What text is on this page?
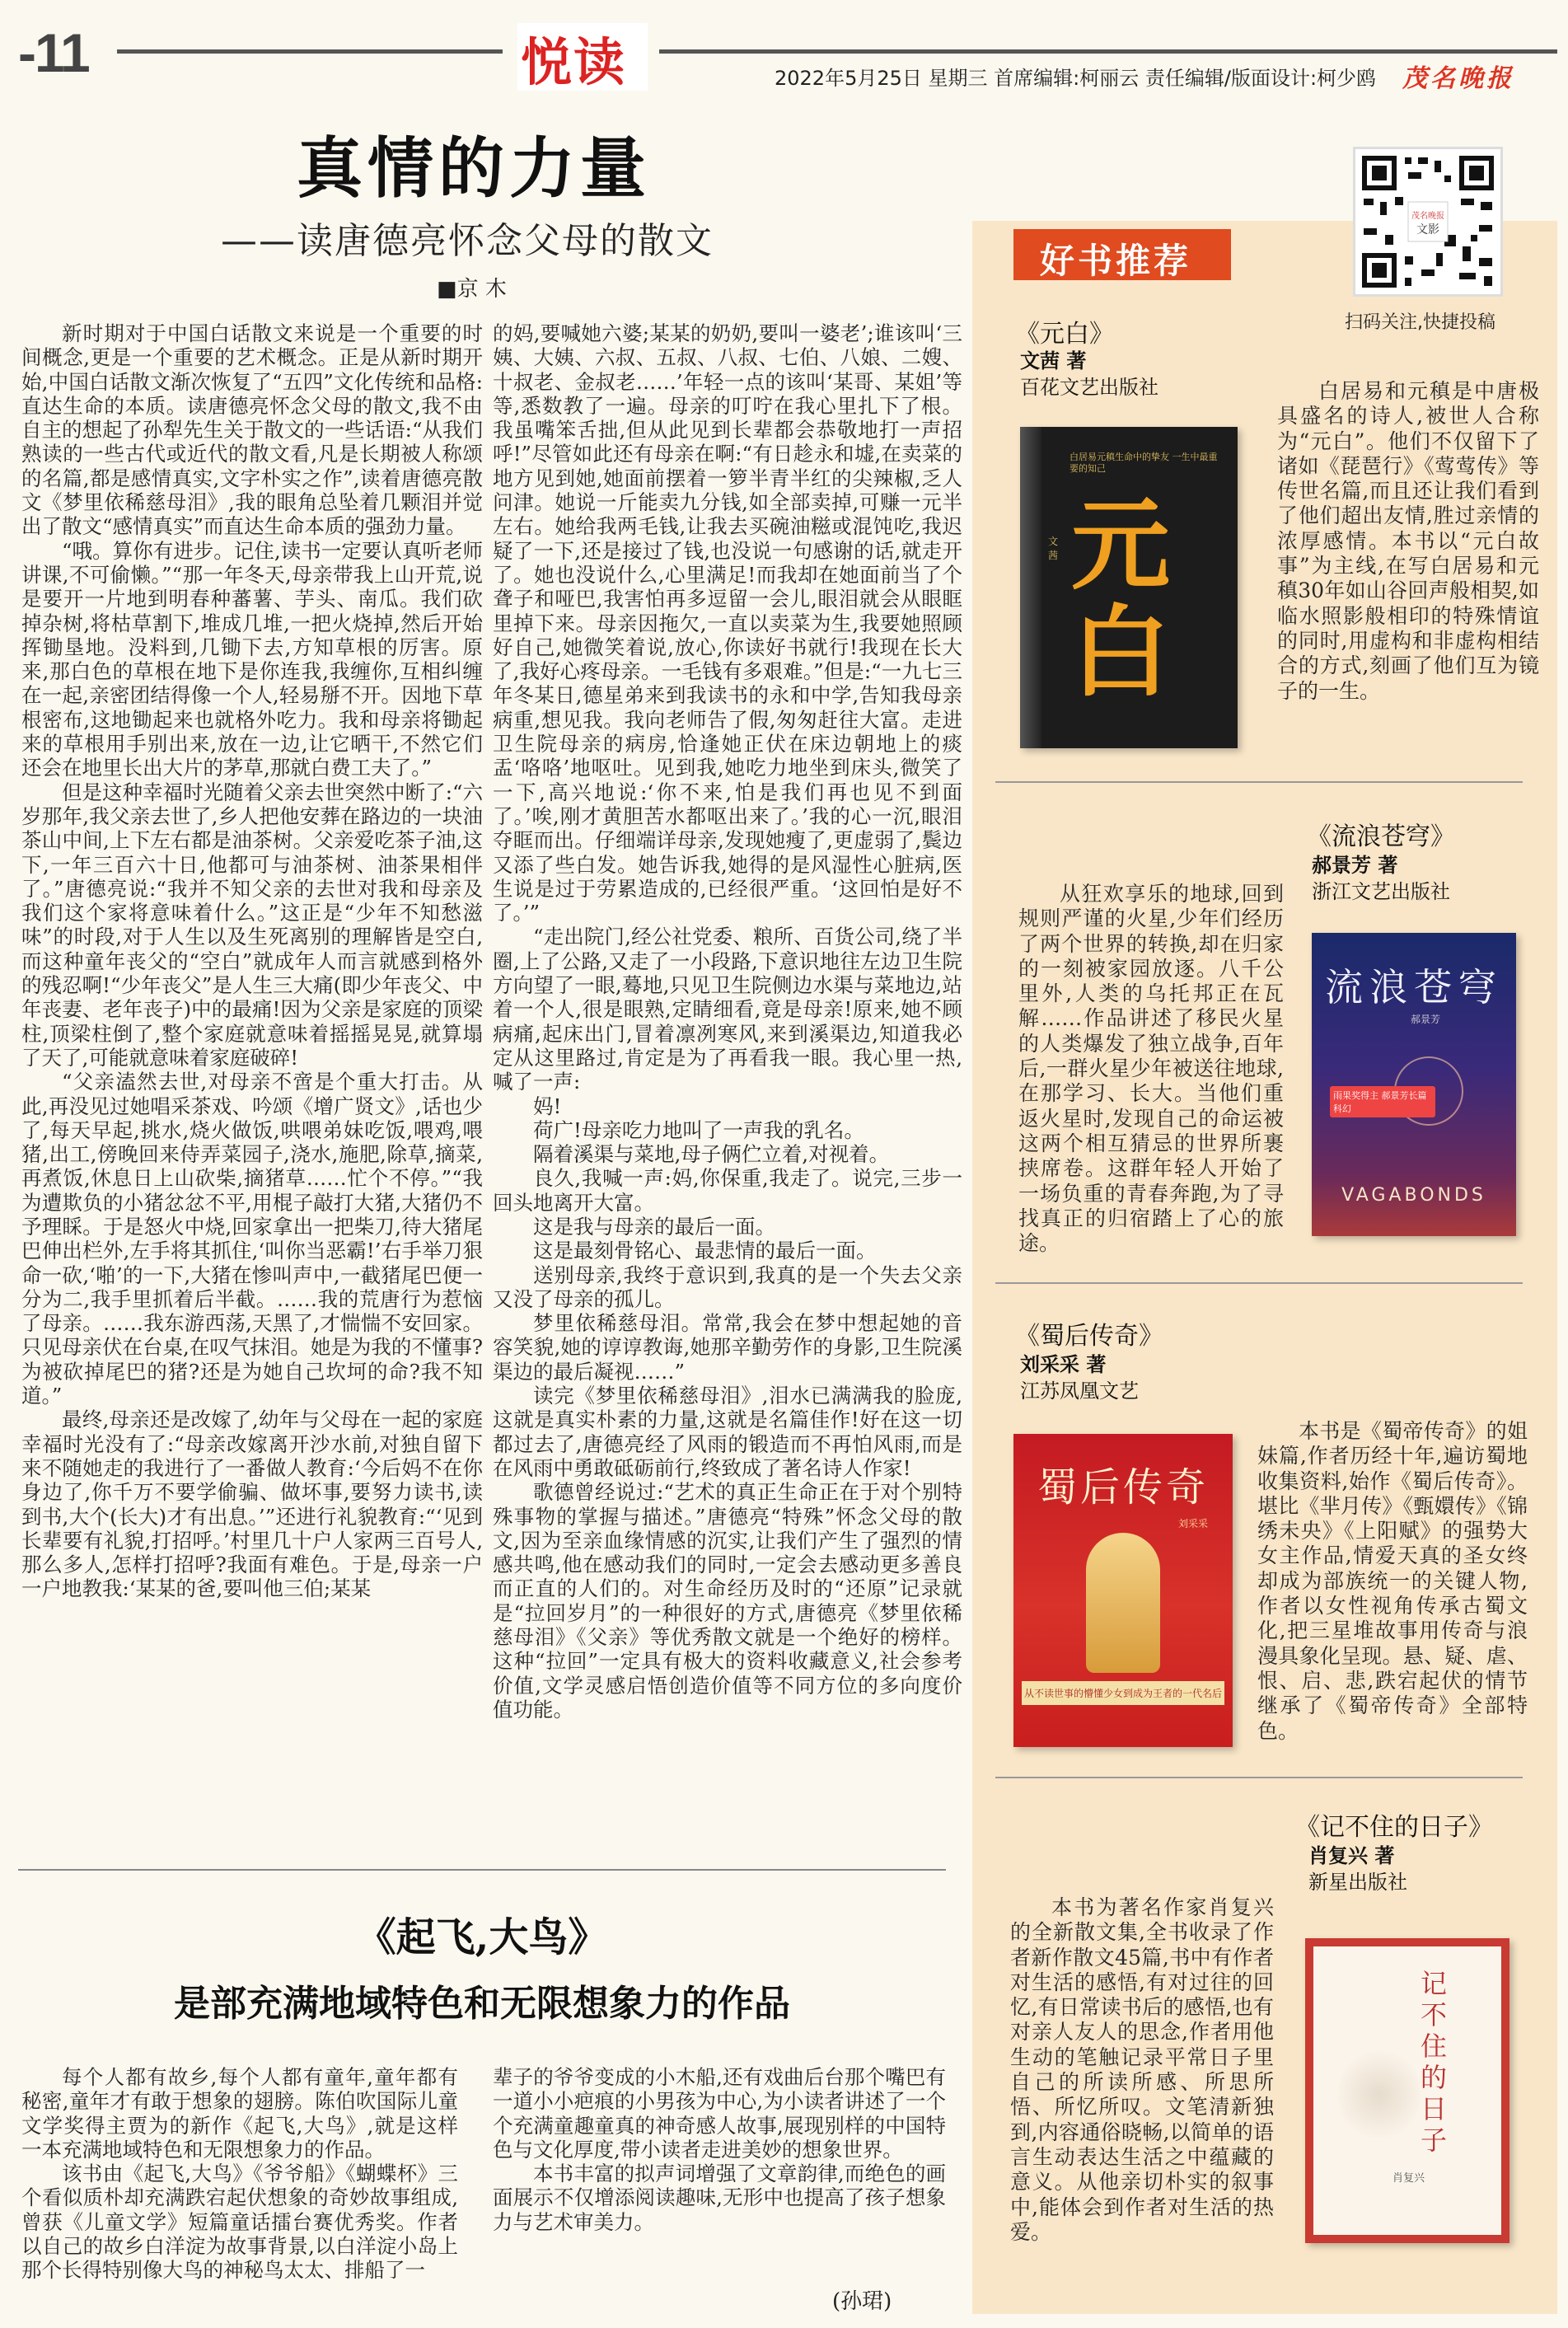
-11	悦读	2022年5月25日 星期三 首席编辑:柯丽云 责任编辑/版面设计:柯少鸥 茂名晚报
真情的力量
——读唐德亮怀念父母的散文
■京 木

新时期对于中国白话散文来说是一个重要的时间概念,更是一个重要的艺术概念。正是从新时期开始,中国白话散文渐次恢复了“五四”文化传统和品格:直达生命的本质。读唐德亮怀念父母的散文,我不由自主的想起了孙犁先生关于散文的一些话语:“从我们熟读的一些古代或近代的散文看,凡是长期被人称颂的名篇,都是感情真实,文字朴实之作”,读着唐德亮散文《梦里依稀慈母泪》,我的眼角总坠着几颗泪并觉出了散文“感情真实”而直达生命本质的强劲力量。

“哦。算你有进步。记住,读书一定要认真听老师讲课,不可偷懒。”“那一年冬天,母亲带我上山开荒,说是要开一片地到明春种蕃薯、芋头、南瓜。我们砍掉杂树,将枯草割下,堆成几堆,一把火烧掉,然后开始挥锄垦地。没料到,几锄下去,方知草根的厉害。原来,那白色的草根在地下是你连我,我缠你,互相纠缠在一起,亲密团结得像一个人,轻易掰不开。因地下草根密布,这地锄起来也就格外吃力。我和母亲将锄起来的草根用手别出来,放在一边,让它晒干,不然它们还会在地里长出大片的茅草,那就白费工夫了。”

但是这种幸福时光随着父亲去世突然中断了:“六岁那年,我父亲去世了,乡人把他安葬在路边的一块油茶山中间,上下左右都是油茶树。父亲爱吃茶子油,这下,一年三百六十日,他都可与油茶树、油茶果相伴了。”唐德亮说:“我并不知父亲的去世对我和母亲及我们这个家将意味着什么。”这正是“少年不知愁滋味”的时段,对于人生以及生死离别的理解皆是空白,而这种童年丧父的“空白”就成年人而言就感到格外的残忍啊!“少年丧父”是人生三大痛(即少年丧父、中年丧妻、老年丧子)中的最痛!因为父亲是家庭的顶梁柱,顶梁柱倒了,整个家庭就意味着摇摇晃晃,就算塌了天了,可能就意味着家庭破碎!

“父亲溘然去世,对母亲不啻是个重大打击。从此,再没见过她唱采茶戏、吟颂《增广贤文》,话也少了,每天早起,挑水,烧火做饭,哄喂弟妹吃饭,喂鸡,喂猪,出工,傍晚回来侍弄菜园子,浇水,施肥,除草,摘菜,再煮饭,休息日上山砍柴,摘猪草……忙个不停。”“我为遭欺负的小猪忿忿不平,用棍子敲打大猪,大猪仍不予理睬。于是怒火中烧,回家拿出一把柴刀,待大猪尾巴伸出栏外,左手将其抓住,‘叫你当恶霸!’右手举刀狠命一砍,‘啪’的一下,大猪在惨叫声中,一截猪尾巴便一分为二,我手里抓着后半截。……我的荒唐行为惹恼了母亲。……我东游西荡,天黑了,才惴惴不安回家。只见母亲伏在台桌,在叹气抹泪。她是为我的不懂事?为被砍掉尾巴的猪?还是为她自己坎坷的命?我不知道。”

最终,母亲还是改嫁了,幼年与父母在一起的家庭幸福时光没有了:“母亲改嫁离开沙水前,对独自留下来不随她走的我进行了一番做人教育:‘今后妈不在你身边了,你千万不要学偷骗、做坏事,要努力读书,读到书,大个(长大)才有出息。’”还进行礼貌教育:“‘见到长辈要有礼貌,打招呼。’村里几十户人家两三百号人,那么多人,怎样打招呼?我面有难色。于是,母亲一户一户地教我:‘某某的爸,要叫他三伯;某某

的妈,要喊她六婆;某某的奶奶,要叫一婆老’;谁该叫‘三姨、大姨、六叔、五叔、八叔、七伯、八娘、二嫂、十叔老、金叔老……’年轻一点的该叫‘某哥、某姐’等等,悉数教了一遍。母亲的叮咛在我心里扎下了根。我虽嘴笨舌拙,但从此见到长辈都会恭敬地打一声招呼!”尽管如此还有母亲在啊:“有日趁永和墟,在卖菜的地方见到她,她面前摆着一箩半青半红的尖辣椒,乏人问津。她说一斤能卖九分钱,如全部卖掉,可赚一元半左右。她给我两毛钱,让我去买碗油糍或混饨吃,我迟疑了一下,还是接过了钱,也没说一句感谢的话,就走开了。她也没说什么,心里满足!而我却在她面前当了个聋子和哑巴,我害怕再多逗留一会儿,眼泪就会从眼眶里掉下来。母亲因拖欠,一直以卖菜为生,我要她照顾好自己,她微笑着说,放心,你读好书就行!我现在长大了,我好心疼母亲。一毛钱有多艰难。”但是:“一九七三年冬某日,德星弟来到我读书的永和中学,告知我母亲病重,想见我。我向老师告了假,匆匆赶往大富。走进卫生院母亲的病房,恰逢她正伏在床边朝地上的痰盂‘咯咯’地呕吐。见到我,她吃力地坐到床头,微笑了一下,高兴地说:‘你不来,怕是我们再也见不到面了。’唉,刚才黄胆苦水都呕出来了。’我的心一沉,眼泪夺眶而出。仔细端详母亲,发现她瘦了,更虚弱了,鬓边又添了些白发。她告诉我,她得的是风湿性心脏病,医生说是过于劳累造成的,已经很严重。‘这回怕是好不了。’”

“走出院门,经公社党委、粮所、百货公司,绕了半圈,上了公路,又走了一小段路,下意识地往左边卫生院方向望了一眼,蓦地,只见卫生院侧边水渠与菜地边,站着一个人,很是眼熟,定睛细看,竟是母亲!原来,她不顾病痛,起床出门,冒着凛冽寒风,来到溪渠边,知道我必定从这里路过,肯定是为了再看我一眼。我心里一热,喊了一声:

妈!

荷广!母亲吃力地叫了一声我的乳名。

隔着溪渠与菜地,母子俩伫立着,对视着。

良久,我喊一声:妈,你保重,我走了。说完,三步一回头地离开大富。

这是我与母亲的最后一面。

这是最刻骨铭心、最悲情的最后一面。

送别母亲,我终于意识到,我真的是一个失去父亲又没了母亲的孤儿。

梦里依稀慈母泪。常常,我会在梦中想起她的音容笑貌,她的谆谆教诲,她那辛勤劳作的身影,卫生院溪渠边的最后凝视……”

读完《梦里依稀慈母泪》,泪水已满满我的脸庞,这就是真实朴素的力量,这就是名篇佳作!好在这一切都过去了,唐德亮经了风雨的锻造而不再怕风雨,而是在风雨中勇敢砥砺前行,终致成了著名诗人作家!

歌德曾经说过:“艺术的真正生命正在于对个别特殊事物的掌握与描述。”唐德亮“特殊”怀念父母的散文,因为至亲血缘情感的沉实,让我们产生了强烈的情感共鸣,他在感动我们的同时,一定会去感动更多善良而正直的人们的。对生命经历及时的“还原”记录就是“拉回岁月”的一种很好的方式,唐德亮《梦里依稀慈母泪》《父亲》等优秀散文就是一个绝好的榜样。这种“拉回”一定具有极大的资料收藏意义,社会参考价值,文学灵感启悟创造价值等不同方位的多向度价值功能。

《起飞,大鸟》
是部充满地域特色和无限想象力的作品

每个人都有故乡,每个人都有童年,童年都有秘密,童年才有敢于想象的翅膀。陈伯吹国际儿童文学奖得主贾为的新作《起飞,大鸟》,就是这样一本充满地域特色和无限想象力的作品。

该书由《起飞,大鸟》《爷爷船》《蝴蝶杯》三个看似质朴却充满跌宕起伏想象的奇妙故事组成,曾获《儿童文学》短篇童话擂台赛优秀奖。作者以自己的故乡白洋淀为故事背景,以白洋淀小岛上那个长得特别像大鸟的神秘鸟太太、排船了一

辈子的爷爷变成的小木船,还有戏曲后台那个嘴巴有一道小小疤痕的小男孩为中心,为小读者讲述了一个个充满童趣童真的神奇感人故事,展现别样的中国特色与文化厚度,带小读者走进美妙的想象世界。

本书丰富的拟声词增强了文章韵律,而绝色的画面展示不仅增添阅读趣味,无形中也提高了孩子想象力与艺术审美力。

(孙珺)
好书推荐
茂名晚报
文影
扫码关注,快捷投稿
《元白》
文茜 著
百花文艺出版社
白居易元稹生命中的挚友 一生中最重要的知己
元
白
文茜

白居易和元稹是中唐极具盛名的诗人,被世人合称为“元白”。他们不仅留下了诸如《琵琶行》《莺莺传》等传世名篇,而且还让我们看到了他们超出友情,胜过亲情的浓厚感情。本书以“元白故事”为主线,在写白居易和元稹30年如山谷回声般相契,如临水照影般相印的特殊情谊的同时,用虚构和非虚构相结合的方式,刻画了他们互为镜子的一生。

《流浪苍穹》
郝景芳 著
浙江文艺出版社

从狂欢享乐的地球,回到规则严谨的火星,少年们经历了两个世界的转换,却在归家的一刻被家园放逐。八千公里外,人类的乌托邦正在瓦解……作品讲述了移民火星的人类爆发了独立战争,百年后,一群火星少年被送往地球,在那学习、长大。当他们重返火星时,发现自己的命运被这两个相互猜忌的世界所裹挟席卷。这群年轻人开始了一场负重的青春奔跑,为了寻找真正的归宿踏上了心的旅途。

流浪苍穹
郝景芳
雨果奖得主 郝景芳长篇科幻
VAGABONDS
《蜀后传奇》
刘采采 著
江苏凤凰文艺
蜀后传奇
刘采采
从不读世事的懵懂少女到成为王者的一代名后

本书是《蜀帝传奇》的姐妹篇,作者历经十年,遍访蜀地收集资料,始作《蜀后传奇》。堪比《芈月传》《甄嬛传》《锦绣未央》《上阳赋》的强势大女主作品,情爱天真的圣女终却成为部族统一的关键人物,作者以女性视角传承古蜀文化,把三星堆故事用传奇与浪漫具象化呈现。悬、疑、虐、恨、启、悲,跌宕起伏的情节继承了《蜀帝传奇》全部特色。

《记不住的日子》
肖复兴 著
新星出版社

本书为著名作家肖复兴的全新散文集,全书收录了作者新作散文45篇,书中有作者对生活的感悟,有对过往的回忆,有日常读书后的感悟,也有对亲人友人的思念,作者用他生动的笔触记录平常日子里自己的所读所感、所思所悟、所忆所叹。文笔清新独到,内容通俗晓畅,以简单的语言生动表达生活之中蕴藏的意义。从他亲切朴实的叙事中,能体会到作者对生活的热爱。

记不住的日子
肖复兴
